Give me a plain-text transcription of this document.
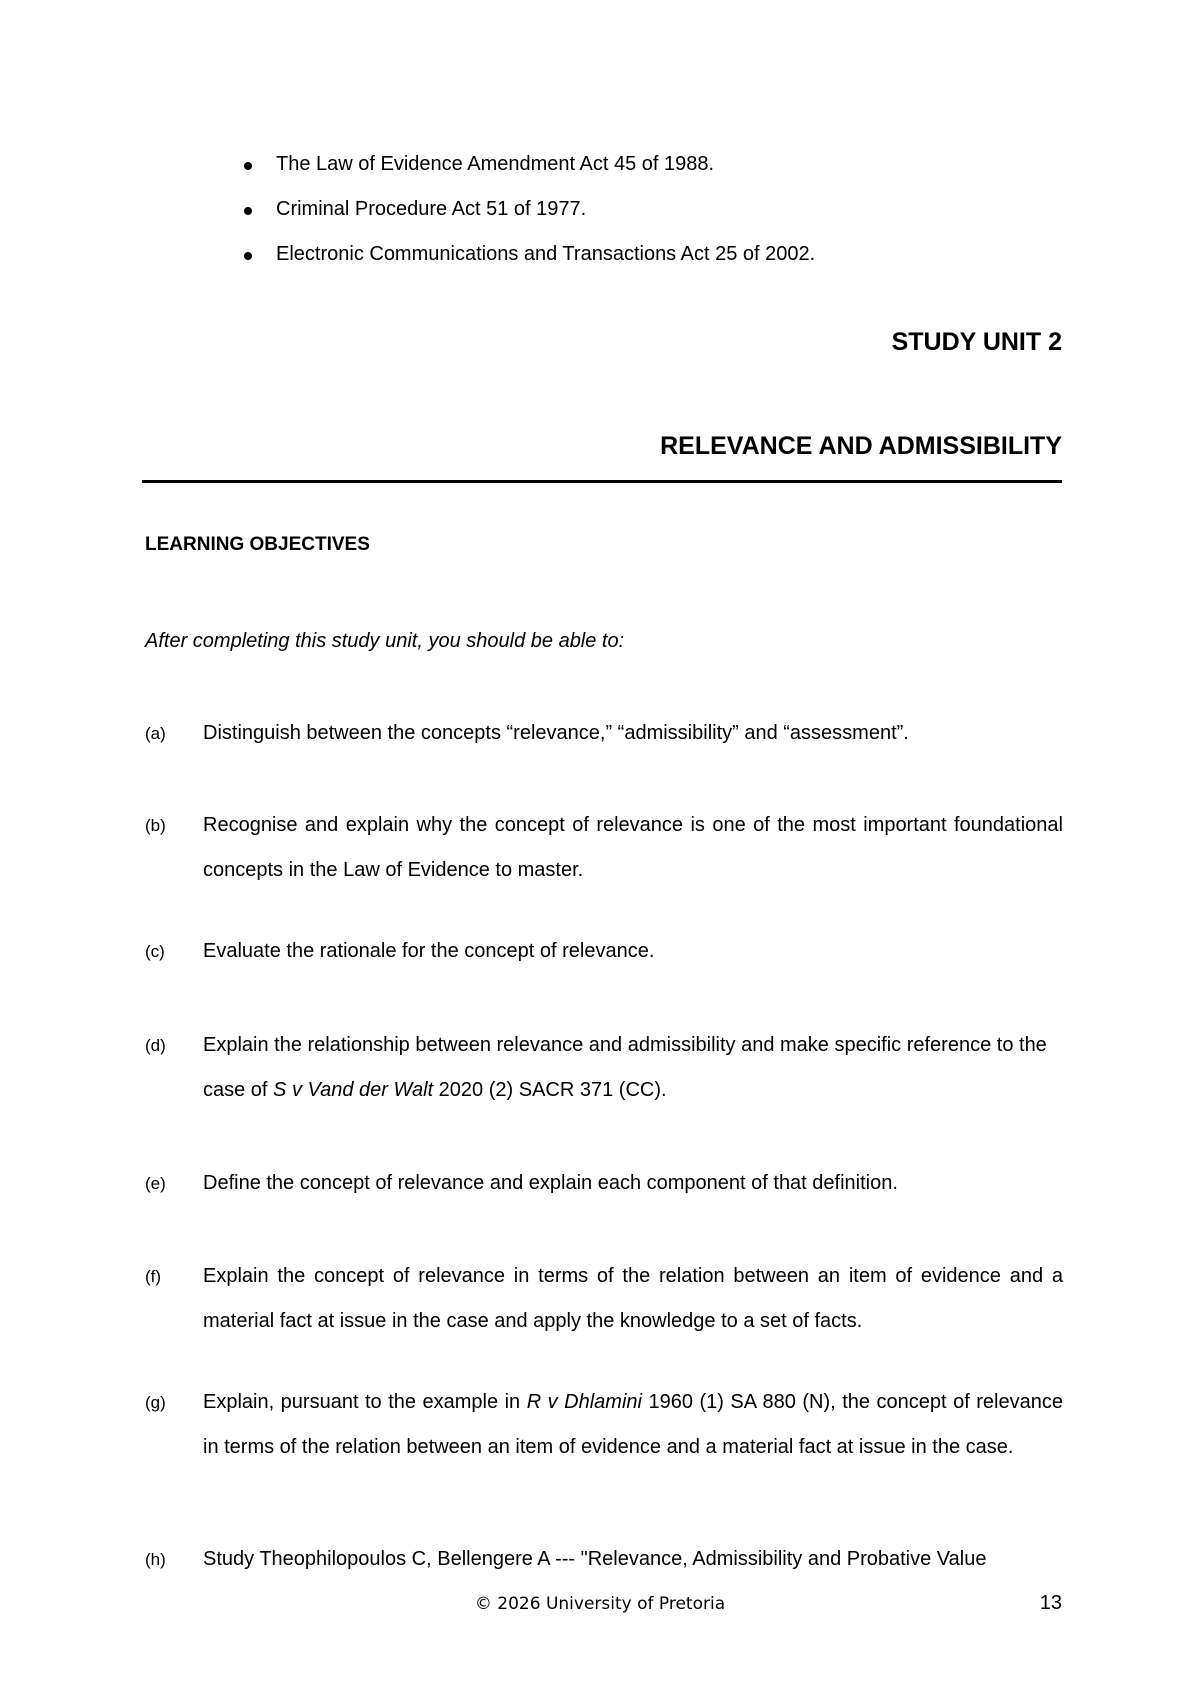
The Law of Evidence Amendment Act 45 of 1988.
Criminal Procedure Act 51 of 1977.
Electronic Communications and Transactions Act 25 of 2002.
STUDY UNIT 2
RELEVANCE AND ADMISSIBILITY
LEARNING OBJECTIVES
After completing this study unit, you should be able to:
(a) Distinguish between the concepts “relevance,” “admissibility” and “assessment”.
(b) Recognise and explain why the concept of relevance is one of the most important foundational concepts in the Law of Evidence to master.
(c) Evaluate the rationale for the concept of relevance.
(d) Explain the relationship between relevance and admissibility and make specific reference to the case of S v Vand der Walt 2020 (2) SACR 371 (CC).
(e) Define the concept of relevance and explain each component of that definition.
(f) Explain the concept of relevance in terms of the relation between an item of evidence and a material fact at issue in the case and apply the knowledge to a set of facts.
(g) Explain, pursuant to the example in R v Dhlamini 1960 (1) SA 880 (N), the concept of relevance in terms of the relation between an item of evidence and a material fact at issue in the case.
(h) Study Theophilopoulos C, Bellengere A --- "Relevance, Admissibility and Probative Value
© 2026 University of Pretoria	13
